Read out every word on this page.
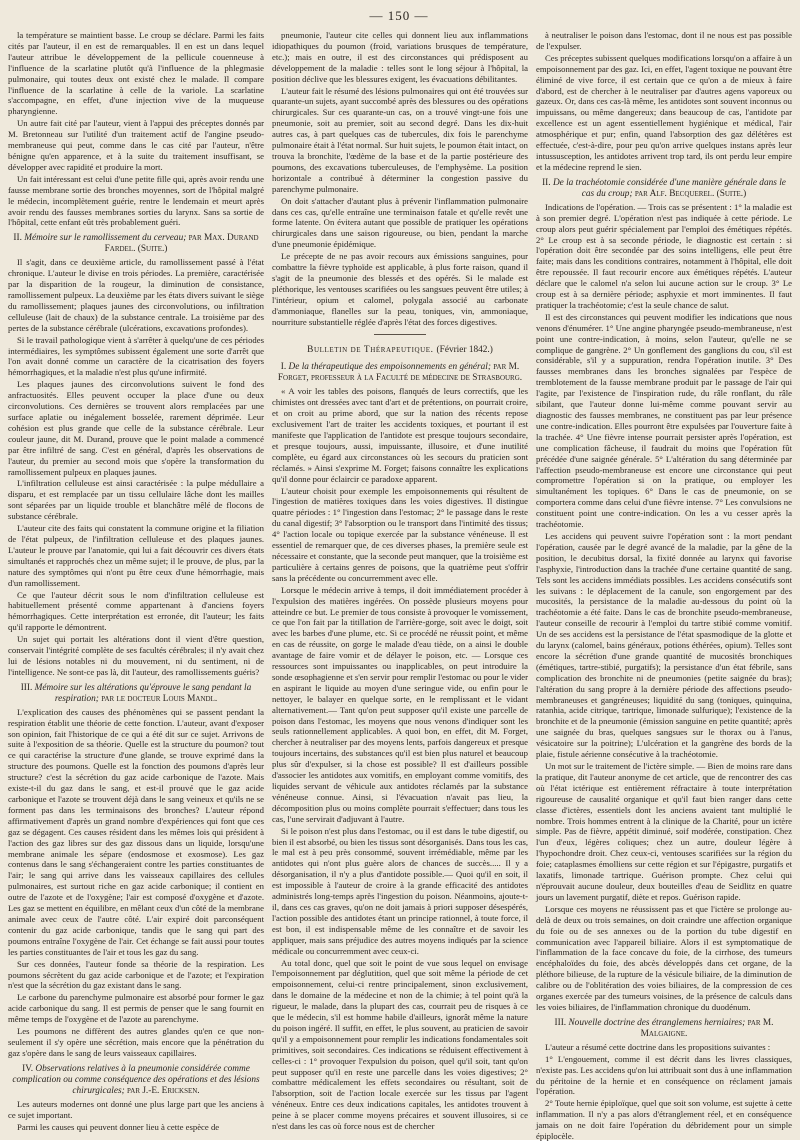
— 150 —

la température se maintient basse. Le croup se déclare. Parmi les faits cités par l'auteur, il en est de remarquables. Il en est un dans lequel l'auteur attribue le développement de la pellicule couenneuse à l'influence de la scarlatine plutôt qu'à l'influence de la phlegmasie pulmonaire, qui toutes deux ont existé chez le malade. Il compare l'influence de la scarlatine à celle de la variole. La scarlatine s'accompagne, en effet, d'une injection vive de la muqueuse pharyngienne.

Un autre fait cité par l'auteur, vient à l'appui des préceptes donnés par M. Bretonneau sur l'utilité d'un traitement actif de l'angine pseudo-membraneuse qui peut, comme dans le cas cité par l'auteur, n'être bénigne qu'en apparence, et à la suite du traitement insuffisant, se développer avec rapidité et produire la mort.

Un fait intéressant est celui d'une petite fille qui, après avoir rendu une fausse membrane sortie des bronches moyennes, sort de l'hôpital malgré le médecin, incomplètement guérie, rentre le lendemain et meurt après avoir rendu des fausses membranes sorties du larynx. Sans sa sortie de l'hôpital, cette enfant eût très probablement guéri.

II. Mémoire sur le ramollissement du cerveau; par Max. Durand Fardel. (Suite.)

Il s'agit, dans ce deuxième article, du ramollissement passé à l'état chronique. L'auteur le divise en trois périodes. La première, caractérisée par la disparition de la rougeur, la diminution de consistance, ramollissement pulpeux. La deuxième par les états divers suivant le siège du ramollissement; plaques jaunes des circonvolutions, ou infiltration celluleuse (lait de chaux) de la substance centrale. La troisième par des pertes de la substance cérébrale (ulcérations, excavations profondes).

Si le travail pathologique vient à s'arrêter à quelqu'une de ces périodes intermédiaires, les symptômes subissent également une sorte d'arrêt que l'on avait donné comme un caractère de la cicatrisation des foyers hémorrhagiques, et la maladie n'est plus qu'une infirmité.

Les plaques jaunes des circonvolutions suivent le fond des anfractuosités. Elles peuvent occuper la place d'une ou deux circonvolutions. Ces dernières se trouvent alors remplacées par une surface aplatie ou inégalement bosselée, rarement déprimée. Leur cohésion est plus grande que celle de la substance cérébrale. Leur couleur jaune, dit M. Durand, prouve que le point malade a commencé par être infiltré de sang. C'est en général, d'après les observations de l'auteur, du premier au second mois que s'opère la transformation du ramollissement pulpeux en plaques jaunes.

L'infiltration celluleuse est ainsi caractérisée : la pulpe médullaire a disparu, et est remplacée par un tissu cellulaire lâche dont les mailles sont séparées par un liquide trouble et blanchâtre mêlé de flocons de substance cérébrale.

L'auteur cite des faits qui constatent la commune origine et la filiation de l'état pulpeux, de l'infiltration celluleuse et des plaques jaunes. L'auteur le prouve par l'anatomie, qui lui a fait découvrir ces divers états simultanés et rapprochés chez un même sujet; il le prouve, de plus, par la nature des symptômes qui n'ont pu être ceux d'une hémorrhagie, mais d'un ramollissement.

Ce que l'auteur décrit sous le nom d'infiltration celluleuse est habituellement présenté comme appartenant à d'anciens foyers hémorrhagiques. Cette interprétation est erronée, dit l'auteur; les faits qu'il rapporte le démontrent.

Un sujet qui portait les altérations dont il vient d'être question, conservait l'intégrité complète de ses facultés cérébrales; il n'y avait chez lui de lésions notables ni du mouvement, ni du sentiment, ni de l'intelligence. Ne sont-ce pas là, dit l'auteur, des ramollissements guéris?

III. Mémoire sur les altérations qu'éprouve le sang pendant la respiration; par le docteur Louis Mandl.

L'explication des causes des phénomènes qui se passent pendant la respiration établit une théorie de cette fonction. L'auteur, avant d'exposer son opinion, fait l'historique de ce qui a été dit sur ce sujet. Arrivons de suite à l'exposition de sa théorie. Quelle est la structure du poumon? tout ce qui caractérise la structure d'une glande, se trouve exprimé dans la structure des poumons. Quelle est la fonction des poumons d'après leur structure? c'est la sécrétion du gaz acide carbonique de l'azote. Mais existe-t-il du gaz dans le sang, et est-il prouvé que le gaz acide carbonique et l'azote se trouvent déjà dans le sang veineux et qu'ils ne se forment pas dans les terminaisons des bronches? L'auteur répond affirmativement d'après un grand nombre d'expériences qui font que ces gaz se dégagent. Ces causes résident dans les mêmes lois qui président à l'action des gaz libres sur des gaz dissous dans un liquide, lorsqu'une membrane animale les sépare (endosmose et exosmose). Les gaz contenus dans le sang s'échangeraient contre les parties constituantes de l'air; le sang qui arrive dans les vaisseaux capillaires des cellules pulmonaires, est surtout riche en gaz acide carbonique; il contient en outre de l'azote et de l'oxygène; l'air est composé d'oxygène et d'azote. Les gaz se mettent en équilibre, en mêlant ceux d'un côté de la membrane animale avec ceux de l'autre côté. L'air expiré doit parconséquent contenir du gaz acide carbonique, tandis que le sang qui part des poumons entraîne l'oxygène de l'air. Cet échange se fait aussi pour toutes les parties constituantes de l'air et tous les gaz du sang.

Sur ces données, l'auteur fonde sa théorie de la respiration. Les poumons sécrètent du gaz acide carbonique et de l'azote; et l'expiration n'est que la sécrétion du gaz existant dans le sang.

Le carbone du parenchyme pulmonaire est absorbé pour former le gaz acide carbonique du sang. Il est permis de penser que le sang fournit en même temps de l'oxygène et de l'azote au parenchyme.

Les poumons ne diffèrent des autres glandes qu'en ce que non-seulement il s'y opère une sécrétion, mais encore que la pénétration du gaz s'opère dans le sang de leurs vaisseaux capillaires.

IV. Observations relatives à la pneumonie considérée comme complication ou comme conséquence des opérations et des lésions chirurgicales; par J.-E. Ericksen.

Les auteurs modernes ont donné une plus large part que les anciens à ce sujet important.

Parmi les causes qui peuvent donner lieu à cette espèce de

pneumonie, l'auteur cite celles qui donnent lieu aux inflammations idiopathiques du poumon (froid, variations brusques de température, etc.); mais en outre, il est des circonstances qui prédisposent au développement de la maladie : telles sont le long séjour à l'hôpital, la position déclive que les blessures exigent, les évacuations débilitantes.

L'auteur fait le résumé des lésions pulmonaires qui ont été trouvées sur quarante-un sujets, ayant succombé après des blessures ou des opérations chirurgicales. Sur ces quarante-un cas, on a trouvé vingt-une fois une pneumonie, soit au premier, soit au second degré. Dans les dix-huit autres cas, à part quelques cas de tubercules, dix fois le parenchyme pulmonaire était à l'état normal. Sur huit sujets, le poumon était intact, on trouva la bronchite, l'œdème de la base et de la partie postérieure des poumons, des excavations tuberculeuses, de l'emphysème. La position horizontale a contribué à déterminer la congestion passive du parenchyme pulmonaire.

On doit s'attacher d'autant plus à prévenir l'inflammation pulmonaire dans ces cas, qu'elle entraîne une terminaison fatale et qu'elle revêt une forme latente. On évitera autant que possible de pratiquer les opérations chirurgicales dans une saison rigoureuse, ou bien, pendant la marche d'une pneumonie épidémique.

Le précepte de ne pas avoir recours aux émissions sanguines, pour combattre la fièvre typhoïde est applicable, à plus forte raison, quand il s'agit de la pneumonie des blessés et des opérés. Si le malade est pléthorique, les ventouses scarifiées ou les sangsues peuvent être utiles; à l'intérieur, opium et calomel, polygala associé au carbonate d'ammoniaque, flanelles sur la peau, toniques, vin, ammoniaque, nourriture substantielle réglée d'après l'état des forces digestives.

Bulletin de Thérapeutique. (Février 1842.)

I. De la thérapeutique des empoisonnements en général; par M. Forget, professeur à la Faculté de médecine de Strasbourg.

« A voir les tables des poisons, flanqués de leurs correctifs, que les chimistes ont dressées avec tant d'art et de prétentions, on pourrait croire, et on croit au prime abord, que sur la nation des récents repose exclusivement l'art de traiter les accidents toxiques, et pourtant il est manifeste que l'application de l'antidote est presque toujours secondaire, et presque toujours, aussi, impuissante, illusoire, et d'une inutilité complète, eu égard aux circonstances où les secours du praticien sont réclamés. » Ainsi s'exprime M. Forget; faisons connaître les explications qu'il donne pour éclaircir ce paradoxe apparent.

L'auteur choisit pour exemple les empoisonnements qui résultent de l'ingestion de matières toxiques dans les voies digestives. Il distingue quatre périodes : 1° l'ingestion dans l'estomac; 2° le passage dans le reste du canal digestif; 3° l'absorption ou le transport dans l'intimité des tissus; 4° l'action locale ou topique exercée par la substance vénéneuse. Il est essentiel de remarquer que, de ces diverses phases, la première seule est nécessaire et constante, que la seconde peut manquer, que la troisième est particulière à certains genres de poisons, que la quatrième peut s'offrir sans la précédente ou concurremment avec elle.

Lorsque le médecin arrive à temps, il doit immédiatement procéder à l'expulsion des matières ingérées. On possède plusieurs moyens pour atteindre ce but. Le premier de tous consiste à provoquer le vomissement, ce que l'on fait par la titillation de l'arrière-gorge, soit avec le doigt, soit avec les barbes d'une plume, etc. Si ce procédé ne réussit point, et même en cas de réussite, on gorge le malade d'eau tiède, on a ainsi le double avantage de faire vomir et de délayer le poison, etc. — Lorsque ces ressources sont impuissantes ou inapplicables, on peut introduire la sonde œsophagienne et s'en servir pour remplir l'estomac ou pour le vider en aspirant le liquide au moyen d'une seringue vide, ou enfin pour le nettoyer, le balayer en quelque sorte, en le remplissant et le vidant alternativement.— Tant qu'on peut supposer qu'il existe une parcelle de poison dans l'estomac, les moyens que nous venons d'indiquer sont les seuls rationnellement applicables. A quoi bon, en effet, dit M. Forget, chercher à neutraliser par des moyens lents, parfois dangereux et presque toujours incertains, des substances qu'il est bien plus naturel et beaucoup plus sûr d'expulser, si la chose est possible? Il est d'ailleurs possible d'associer les antidotes aux vomitifs, en employant comme vomitifs, des liquides servant de véhicule aux antidotes réclamés par la substance vénéneuse connue. Ainsi, si l'évacuation n'avait pas lieu, la décomposition plus ou moins complète pourrait s'effectuer; dans tous les cas, l'une servirait d'adjuvant à l'autre.

Si le poison n'est plus dans l'estomac, ou il est dans le tube digestif, ou bien il est absorbé, ou bien les tissus sont désorganisés. Dans tous les cas, le mal est à peu près consommé, souvent irrémédiable, même par les antidotes qui n'ont plus guère alors de chances de succès..... Il y a désorganisation, il n'y a plus d'antidote possible.— Quoi qu'il en soit, il est impossible à l'auteur de croire à la grande efficacité des antidotes administrés long-temps après l'ingestion du poison. Néanmoins, ajoute-t-il, dans ces cas graves, qu'on ne doit jamais à priori supposer désespérés, l'action possible des antidotes étant un principe rationnel, à toute force, il est bon, il est indispensable même de les connaître et de savoir les appliquer, mais sans préjudice des autres moyens indiqués par la science médicale ou concurremment avec ceux-ci.

Au total donc, quel que soit le point de vue sous lequel on envisage l'empoisonnement par déglutition, quel que soit même la période de cet empoisonnement, celui-ci rentre principalement, sinon exclusivement, dans le domaine de la médecine et non de la chimie; à tel point qu'à la rigueur, le malade, dans la plupart des cas, courrait peu de risques à ce que le médecin, s'il est homme habile d'ailleurs, ignorât même la nature du poison ingéré. Il suffit, en effet, le plus souvent, au praticien de savoir qu'il y a empoisonnement pour remplir les indications fondamentales soit primitives, soit secondaires. Ces indications se réduisent effectivement à celles-ci : 1° provoquer l'expulsion du poison, quel qu'il soit, tant qu'on peut supposer qu'il en reste une parcelle dans les voies digestives; 2° combattre médicalement les effets secondaires ou résultant, soit de l'absorption, soit de l'action locale exercée sur les tissus par l'agent vénéneux. Entre ces deux indications capitales, les antidotes trouvent à peine à se placer comme moyens précaires et souvent illusoires, si ce n'est dans les cas où force nous est de chercher

à neutraliser le poison dans l'estomac, dont il ne nous est pas possible de l'expulser.

Ces préceptes subissent quelques modifications lorsqu'on a affaire à un empoisonnement par des gaz. Ici, en effet, l'agent toxique ne pouvant être éliminé de vive force, il est certain que ce qu'on a de mieux à faire d'abord, est de chercher à le neutraliser par d'autres agens vaporeux ou gazeux. Or, dans ces cas-là même, les antidotes sont souvent inconnus ou impuissans, ou même dangereux; dans beaucoup de cas, l'antidote par excellence est un agent essentiellement hygiénique et médical, l'air atmosphérique et pur; enfin, quand l'absorption des gaz délétères est effectuée, c'est-à-dire, pour peu qu'on arrive quelques instans après leur intussusception, les antidotes arrivent trop tard, ils ont perdu leur empire et la médecine reprend le sien.

II. De la trachéotomie considérée d'une manière générale dans le cas du croup; par Alf. Becquerel. (Suite.)

Indications de l'opération. — Trois cas se présentent : 1° la maladie est à son premier degré. L'opération n'est pas indiquée à cette période. Le croup alors peut guérir spécialement par l'emploi des émétiques répétés. 2° Le croup est à sa seconde période, le diagnostic est certain : si l'opération doit être secondée par des soins intelligens, elle peut être faite; mais dans les conditions contraires, notamment à l'hôpital, elle doit être repoussée. Il faut recourir encore aux émétiques répétés. L'auteur déclare que le calomel n'a selon lui aucune action sur le croup. 3° Le croup est à sa dernière période; asphyxie et mort imminentes. Il faut pratiquer la trachéotomie; c'est la seule chance de salut.

Il est des circonstances qui peuvent modifier les indications que nous venons d'énumérer. 1° Une angine pharyngée pseudo-membraneuse, n'est point une contre-indication, à moins, selon l'auteur, qu'elle ne se complique de gangrène. 2° Un gonflement des ganglions du cou, s'il est considérable, s'il y a suppuration, rendra l'opération inutile. 3° Des fausses membranes dans les bronches signalées par l'espèce de tremblotement de la fausse membrane produit par le passage de l'air qui l'agite, par l'existence de l'inspiration rude, du râle ronflant, du râle sibilant, que l'auteur donne lui-même comme pouvant servir au diagnostic des fausses membranes, ne constituent pas par leur présence une contre-indication. Elles pourront être expulsées par l'ouverture faite à la trachée. 4° Une fièvre intense pourrait persister après l'opération, est une complication fâcheuse, il faudrait du moins que l'opération fût précédée d'une saignée générale. 5° L'altération du sang déterminée par l'affection pseudo-membraneuse est encore une circonstance qui peut compromettre l'opération si on la pratique, ou employer les simultanément les topiques. 6° Dans le cas de pneumonie, on se comportera comme dans celui d'une fièvre intense. 7° Les convulsions ne constituent point une contre-indication. On les a vu cesser après la trachéotomie.

Les accidens qui peuvent suivre l'opération sont : la mort pendant l'opération, causée par le degré avancé de la maladie, par la gêne de la position, le decubitus dorsal, la fixité donnée au larynx qui favorise l'asphyxie, l'introduction dans la trachée d'une certaine quantité de sang. Tels sont les accidens immédiats possibles. Les accidens consécutifs sont les suivans : le déplacement de la canule, son engorgement par des mucosités, la persistance de la maladie au-dessous du point où la trachéotomie a été faite. Dans le cas de bronchite pseudo-membraneuse, l'auteur conseille de recourir à l'emploi du tartre stibié comme vomitif. Un de ses accidens est la persistance de l'état spasmodique de la glotte et du larynx (calomel, bains généraux, potions éthérées, opium). Telles sont encore la sécrétion d'une grande quantité de mucosités bronchiques (émétiques, tartre-stibié, purgatifs); la persistance d'un état fébrile, sans complication des bronchite ni de pneumonies (petite saignée du bras); l'altération du sang propre à la dernière période des affections pseudo-membraneuses et gangréneuses; liquidité du sang (toniques, quinquina, ratanhia, acide citrique, tartrique, limonade sulfurique); l'existence de la bronchite et de la pneumonie (émission sanguine en petite quantité; après une saignée du bras, quelques sangsues sur le thorax ou à l'anus, vésicatoire sur la poitrine); L'ulcération et la gangrène des bords de la plaie, fistule aérienne consécutive à la trachéotomie.

Un mot sur le traitement de l'ictère simple. — Bien de moins rare dans la pratique, dit l'auteur anonyme de cet article, que de rencontrer des cas où l'état ictérique est entièrement réfractaire à toute interprétation rigoureuse de causalité organique et qu'il faut bien ranger dans cette classe d'ictères, essentiels dont les anciens avaient tant multiplié le nombre. Trois hommes entrent à la clinique de la Charité, pour un ictère simple. Pas de fièvre, appétit diminué, soif modérée, constipation. Chez l'un d'eux, légères coliques; chez un autre, douleur légère à l'hypochondre droit. Chez ceux-ci, ventouses scarifiées sur la région du foie; cataplasmes émolliens sur cette région et sur l'épigastre, purgatifs et laxatifs, limonade tartrique. Guérison prompte. Chez celui qui n'éprouvait aucune douleur, deux bouteilles d'eau de Seidlitz en quatre jours un lavement purgatif, diète et repos. Guérison rapide.

Lorsque ces moyens ne réussissent pas et que l'ictère se prolonge au-delà de deux ou trois semaines, on doit craindre une affection organique du foie ou de ses annexes ou de la portion du tube digestif en communication avec l'appareil biliaire. Alors il est symptomatique de l'inflammation de la face concave du foie, de la cirrhose, des tumeurs encéphaloïdes du foie, des abcès développés dans cet organe, de la pléthore bilieuse, de la rupture de la vésicule biliaire, de la diminution de calibre ou de l'oblitération des voies biliaires, de la compression de ces organes exercée par des tumeurs voisines, de la présence de calculs dans les voies biliaires, de l'inflammation chronique du duodénum.

III. Nouvelle doctrine des étranglemens herniaires; par M. Malgaigne.

L'auteur a résumé cette doctrine dans les propositions suivantes :

1° L'engouement, comme il est décrit dans les livres classiques, n'existe pas. Les accidens qu'on lui attribuait sont dus à une inflammation du péritoine de la hernie et en conséquence on réclament jamais l'opération.

2° Toute hernie épiploïque, quel que soit son volume, est sujette à cette inflammation. Il n'y a pas alors d'étranglement réel, et en conséquence jamais on ne doit faire l'opération du débridement pour un simple épiplocèle.
